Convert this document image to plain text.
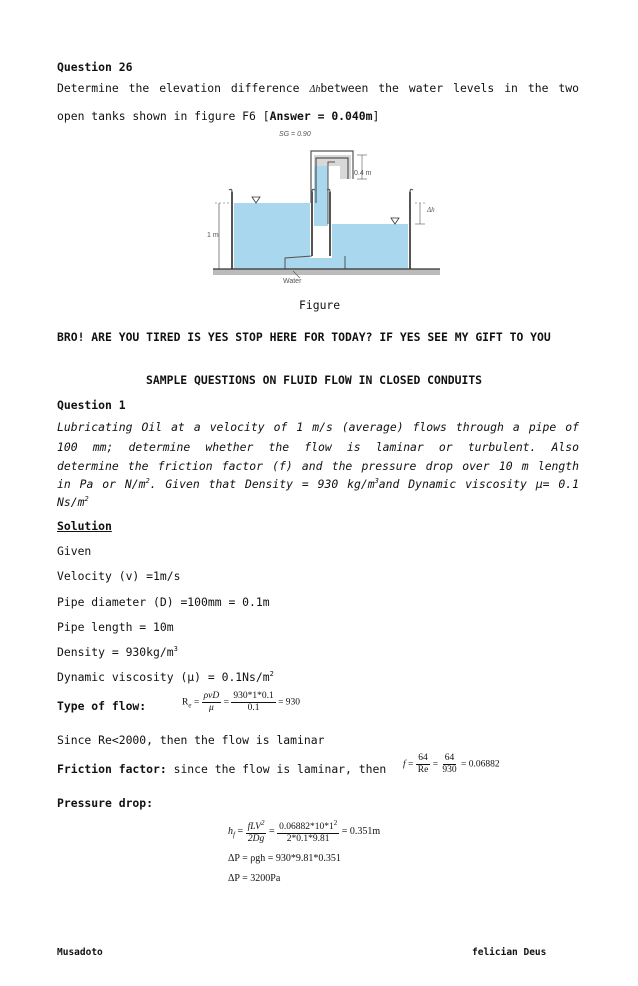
Question 26
Determine the elevation difference Δhbetween the water levels in the two
open tanks shown in figure F6 [Answer = 0.040m]
SG = 0.90
0.4 m
1 m
Δh
Water
Figure
BRO! ARE YOU TIRED IS YES STOP HERE FOR TODAY? IF YES SEE MY GIFT TO YOU
SAMPLE QUESTIONS ON FLUID FLOW IN CLOSED CONDUITS
Question 1
Lubricating Oil at a velocity of 1 m/s (average) flows through a pipe of
100 mm; determine whether the flow is laminar or turbulent. Also
determine the friction factor (f) and the pressure drop over 10 m length
in Pa or $N/m^2$. Given that Density = 930 $kg/m^3and$ Dynamic viscosity μ= 0.1
$Ns/m^2$
Solution
Given
Velocity (v) =1m/s
Pipe diameter (D) =100mm = 0.1m
Pipe length = 10m
Density = $930kg/m^3$
Dynamic viscosity $(\mu) = 0.1Ns/m^2$
Type of flow:	$R_e = \frac{\text{ρvD}}{\mu} = \frac{930*1*0.1}{0.1} = 930$
Since Re<2000, then the flow is laminar
Friction factor: since the flow is laminar, then $f = \frac{64}{Re} = \frac{64}{930} = 0.06882$
Pressure drop:
$h_f = \frac{fLV^2}{2Dg} = \frac{0.06882*10*1^2}{2*0.1*9.81} = 0.351m$
ΔP = ρgh = 930*9.81*0.351
ΔP = 3200Pa
Musadoto	felician Deus
